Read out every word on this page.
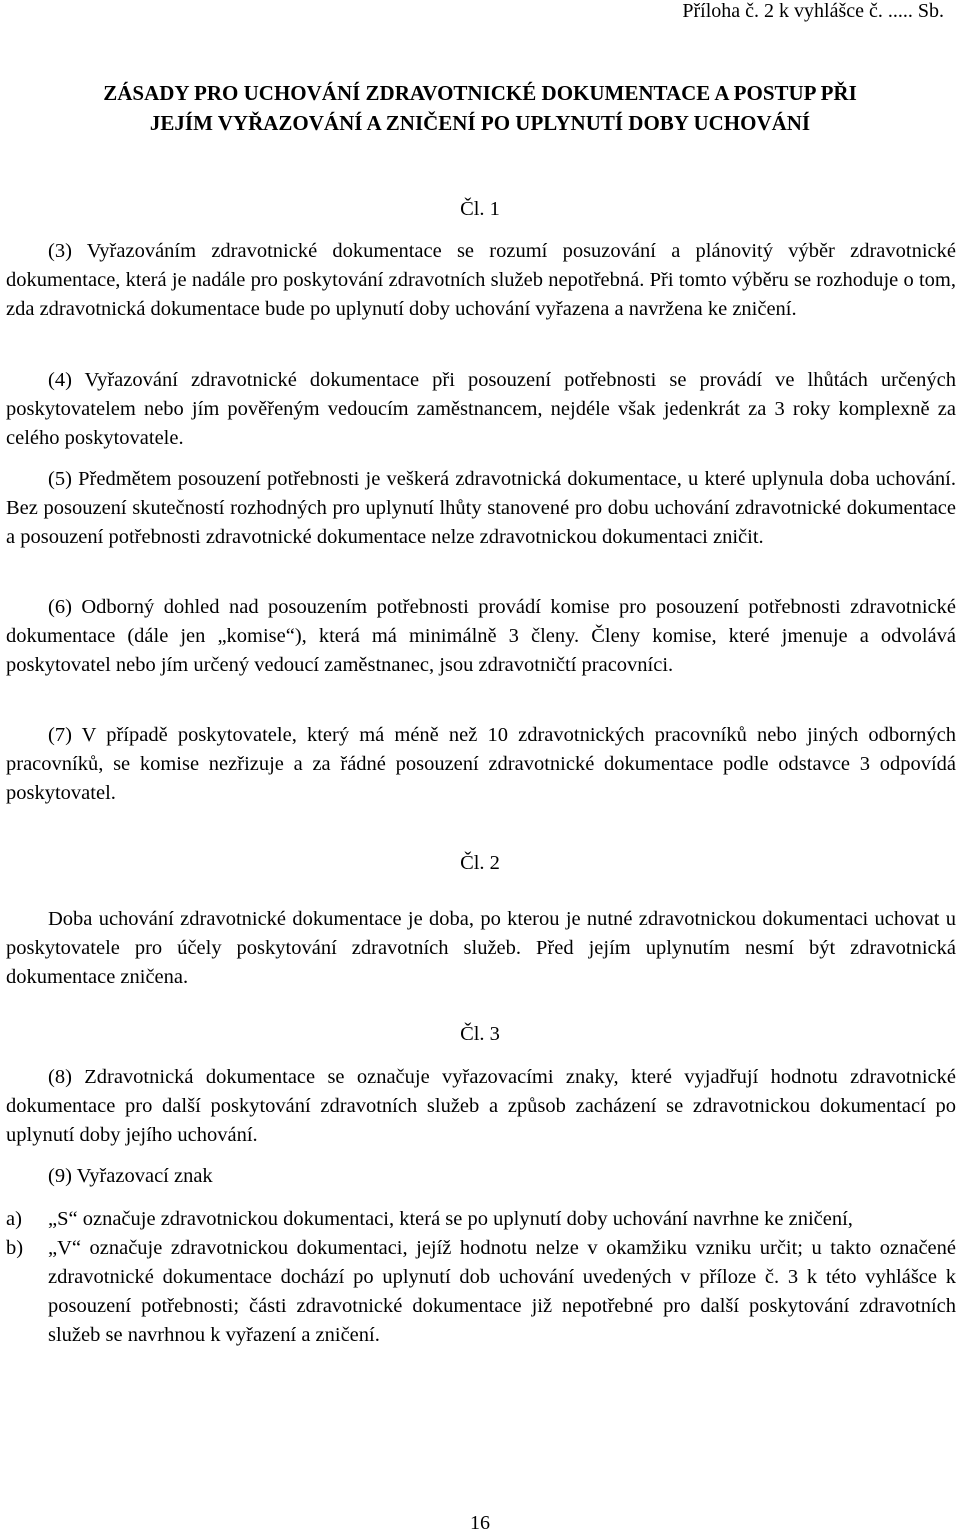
Příloha č. 2 k vyhlášce č. ..... Sb.
ZÁSADY PRO UCHOVÁNÍ ZDRAVOTNICKÉ DOKUMENTACE A POSTUP PŘI
JEJÍM VYŘAZOVÁNÍ A ZNIČENÍ PO UPLYNUTÍ DOBY UCHOVÁNÍ
Čl. 1
(3) Vyřazováním zdravotnické dokumentace se rozumí posuzování a plánovitý výběr zdravotnické dokumentace, která je nadále pro poskytování zdravotních služeb nepotřebná. Při tomto výběru se rozhoduje o tom, zda zdravotnická dokumentace bude po uplynutí doby uchování vyřazena a navržena ke zničení.
(4) Vyřazování zdravotnické dokumentace při posouzení potřebnosti se provádí ve lhůtách určených poskytovatelem nebo jím pověřeným vedoucím zaměstnancem, nejdéle však jedenkrát za 3 roky komplexně za celého poskytovatele.
(5) Předmětem posouzení potřebnosti je veškerá zdravotnická dokumentace, u které uplynula doba uchování. Bez posouzení skutečností rozhodných pro uplynutí lhůty stanovené pro dobu uchování zdravotnické dokumentace a posouzení potřebnosti zdravotnické dokumentace nelze zdravotnickou dokumentaci zničit.
(6) Odborný dohled nad posouzením potřebnosti provádí komise pro posouzení potřebnosti zdravotnické dokumentace (dále jen „komise“), která má minimálně 3 členy. Členy komise, které jmenuje a odvolává poskytovatel nebo jím určený vedoucí zaměstnanec, jsou zdravotničtí pracovníci.
(7) V případě poskytovatele, který má méně než 10 zdravotnických pracovníků nebo jiných odborných pracovníků, se komise nezřizuje a za řádné posouzení zdravotnické dokumentace podle odstavce 3 odpovídá poskytovatel.
Čl. 2
Doba uchování zdravotnické dokumentace je doba, po kterou je nutné zdravotnickou dokumentaci uchovat u poskytovatele pro účely poskytování zdravotních služeb. Před jejím uplynutím nesmí být zdravotnická dokumentace zničena.
Čl. 3
(8) Zdravotnická dokumentace se označuje vyřazovacími znaky, které vyjadřují hodnotu zdravotnické dokumentace pro další poskytování zdravotních služeb a způsob zacházení se zdravotnickou dokumentací po uplynutí doby jejího uchování.
(9) Vyřazovací znak
a) „S“ označuje zdravotnickou dokumentaci, která se po uplynutí doby uchování navrhne ke zničení,
b) „V“ označuje zdravotnickou dokumentaci, jejíž hodnotu nelze v okamžiku vzniku určit; u takto označené zdravotnické dokumentace dochází po uplynutí dob uchování uvedených v příloze č. 3 k této vyhlášce k posouzení potřebnosti; části zdravotnické dokumentace již nepotřebné pro další poskytování zdravotních služeb se navrhnou k vyřazení a zničení.
16
